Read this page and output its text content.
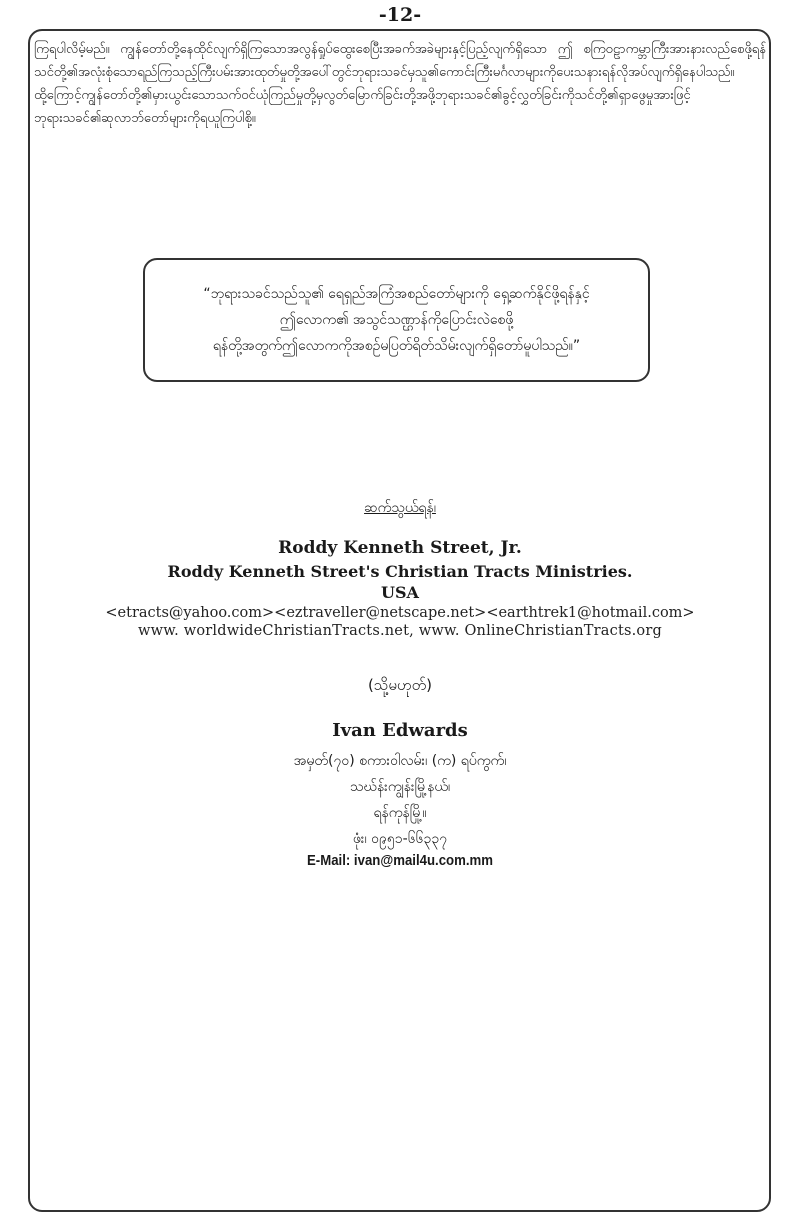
-12-

ကြရပါလိမ့်မည်။ ကျွန်တော်တို့နေထိုင်လျက်ရှိကြသောအလွန်ရှုပ်ထွေးစေပြီးအခက်အခဲများနှင့်ပြည့်လျက်ရှိသော ဤ စကြဝဠာကမ္ဘာကြီးအားနားလည်စေဖို့ရန်သင်တို့၏အလုံးစုံသောရည်ကြသည့်ကြီးပမ်းအားထုတ်မှုတို့အပေါ်တွင်ဘုရားသခင်မှသူ၏ကောင်းကြီးမင်္ဂလာများကိုပေးသနားရန်လိုအပ်လျက်ရှိနေပါသည်။ ထို့ကြောင့်ကျွန်တော်တို့၏မှားယွင်းသောသက်ဝင်ယုံကြည်မှုတို့မှလွတ်မြောက်ခြင်းတို့အဖို့ဘုရားသခင်၏ခွင့်လွှတ်ခြင်းကိုသင်တို့၏ရှာဖွေမှုအားဖြင့်ဘုရားသခင်၏ဆုလာဘ်တော်များကိုရယူကြပါစို့။

“ဘုရားသခင်သည်သူ၏ ရေရှည်အကြံအစည်တော်များကို ရှေ့ဆက်နိုင်ဖို့ရန်နှင့်
ဤလောက၏ အသွင်သဏ္ဌာန်ကိုပြောင်းလဲစေဖို့
ရန်တို့အတွက်ဤလောကကိုအစဉ်မပြတ်ရိတ်သိမ်းလျက်ရှိတော်မူပါသည်။”
ဆက်သွယ်ရန်၊
Roddy Kenneth Street, Jr.
Roddy Kenneth Street's Christian Tracts Ministries.
USA
<etracts@yahoo.com><eztraveller@netscape.net><earthtrek1@hotmail.com>
www. worldwideChristianTracts.net, www. OnlineChristianTracts.org
(သို့မဟုတ်)
Ivan Edwards
အမှတ်(၇၀) စကားဝါလမ်း၊ (က) ရပ်ကွက်၊
သဃ်န်းကျွန်းမြို့နယ်၊
ရန်ကုန်မြို့။
ဖုံး၊ ၀၉၅၁-၆၆၃၃၇
E-Mail: ivan@mail4u.com.mm
